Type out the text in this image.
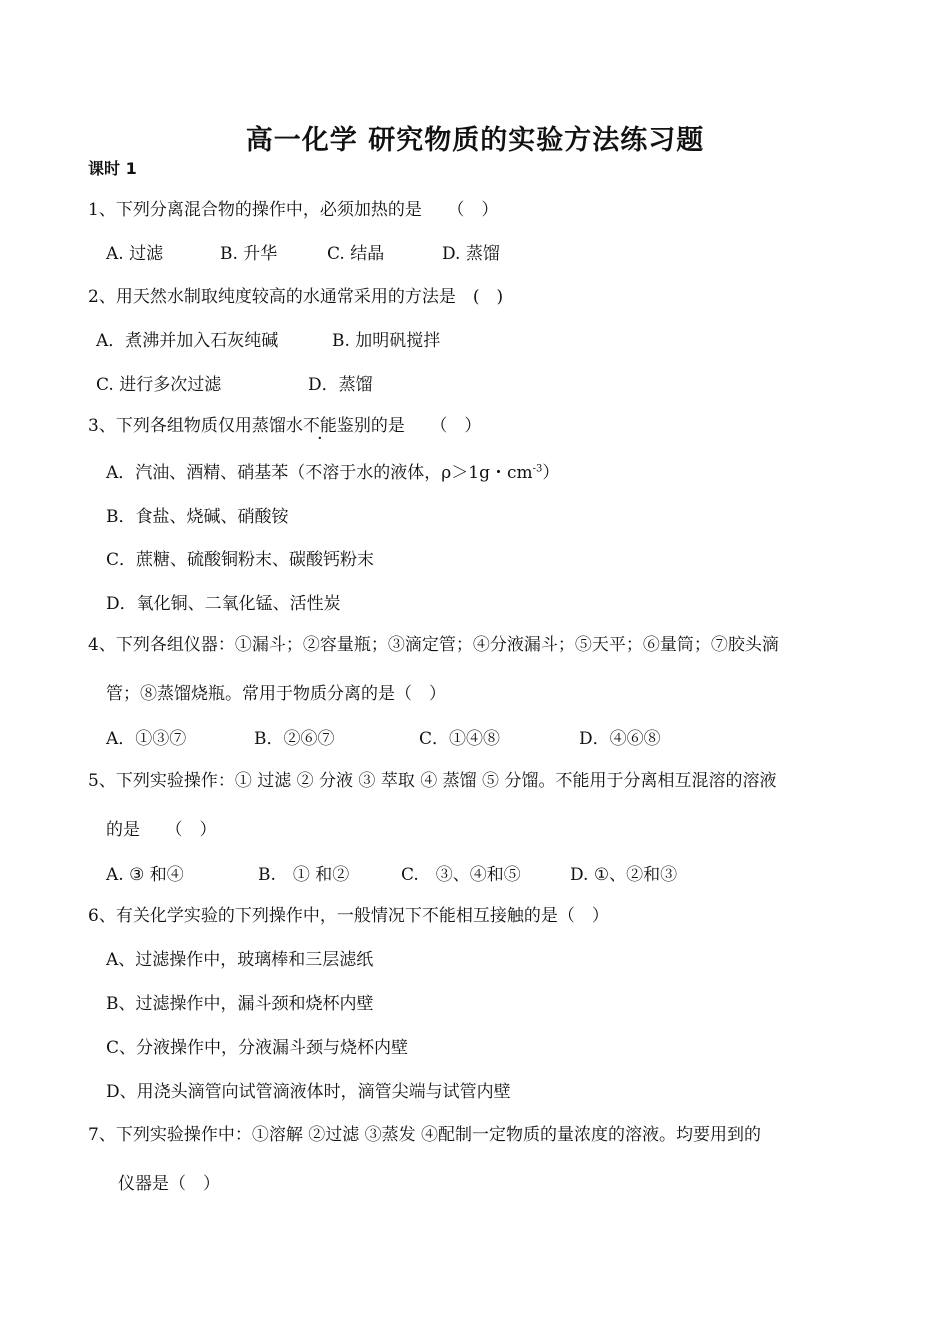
高一化学 研究物质的实验方法练习题
课时 1
1、下列分离混合物的操作中，必须加热的是　　（　）
A. 过滤	B. 升华	C. 结晶	D. 蒸馏
2、用天然水制取纯度较高的水通常采用的方法是　(　)
A．煮沸并加入石灰纯碱	B. 加明矾搅拌
C. 进行多次过滤	D．蒸馏
3、下列各组物质仅用蒸馏水不能鉴别的是　　（　）
A．汽油、酒精、硝基苯（不溶于水的液体，ρ＞1g・$cm^{-3}$）
B．食盐、烧碱、硝酸铵
C．蔗糖、硫酸铜粉末、碳酸钙粉末
D．氧化铜、二氧化锰、活性炭
4、下列各组仪器：①漏斗；②容量瓶；③滴定管；④分液漏斗；⑤天平；⑥量筒；⑦胶头滴
管；⑧蒸馏烧瓶。常用于物质分离的是（　）
A．①③⑦	B．②⑥⑦	C．①④⑧	D．④⑥⑧
5、下列实验操作：① 过滤 ② 分液 ③ 萃取 ④ 蒸馏 ⑤ 分馏。不能用于分离相互混溶的溶液
的是　　（　）
A. ③ 和④	B.　① 和②	C.　③、④和⑤	D. ①、②和③
6、有关化学实验的下列操作中，一般情况下不能相互接触的是（　）
A、过滤操作中，玻璃棒和三层滤纸
B、过滤操作中，漏斗颈和烧杯内壁
C、分液操作中，分液漏斗颈与烧杯内壁
D、用浇头滴管向试管滴液体时，滴管尖端与试管内壁
7、下列实验操作中：①溶解 ②过滤 ③蒸发 ④配制一定物质的量浓度的溶液。均要用到的
仪器是（　）
